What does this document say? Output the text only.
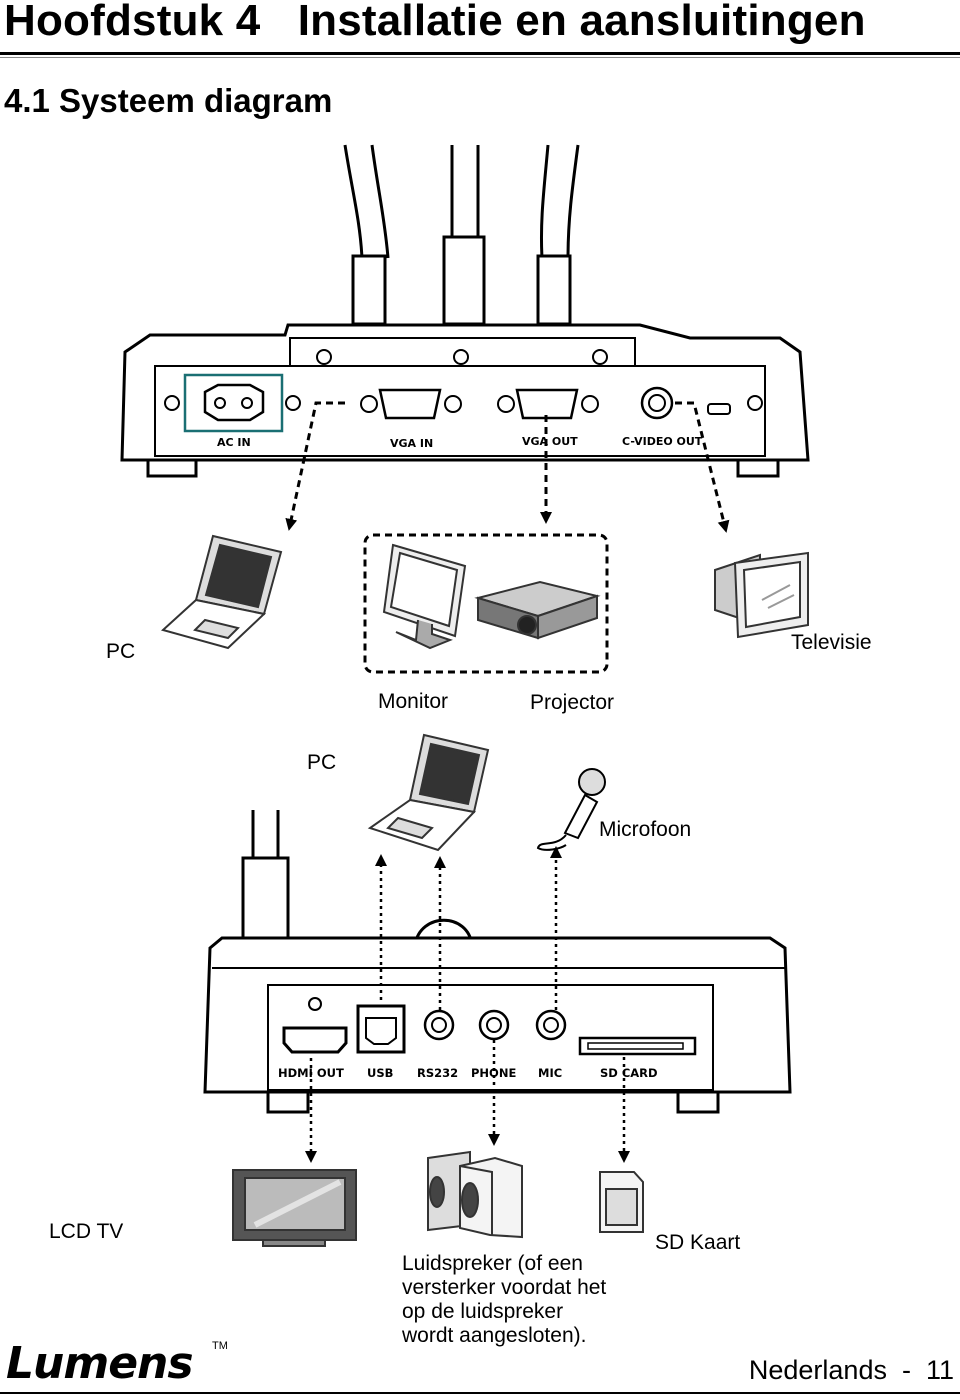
Hoofdstuk 4   Installatie en aansluitingen
4.1 Systeem diagram
AC IN	VGA IN	VGA OUT	C-VIDEO OUT
HDMI OUT USB RS232 PHONE MIC	SD CARD
PC
Monitor	Projector
Televisie
PC
Microfoon
LCD TV
Luidspreker (of een versterker voordat het op de luidspreker wordt aangesloten).
SD Kaart
Lumens TM
Nederlands  -  11
